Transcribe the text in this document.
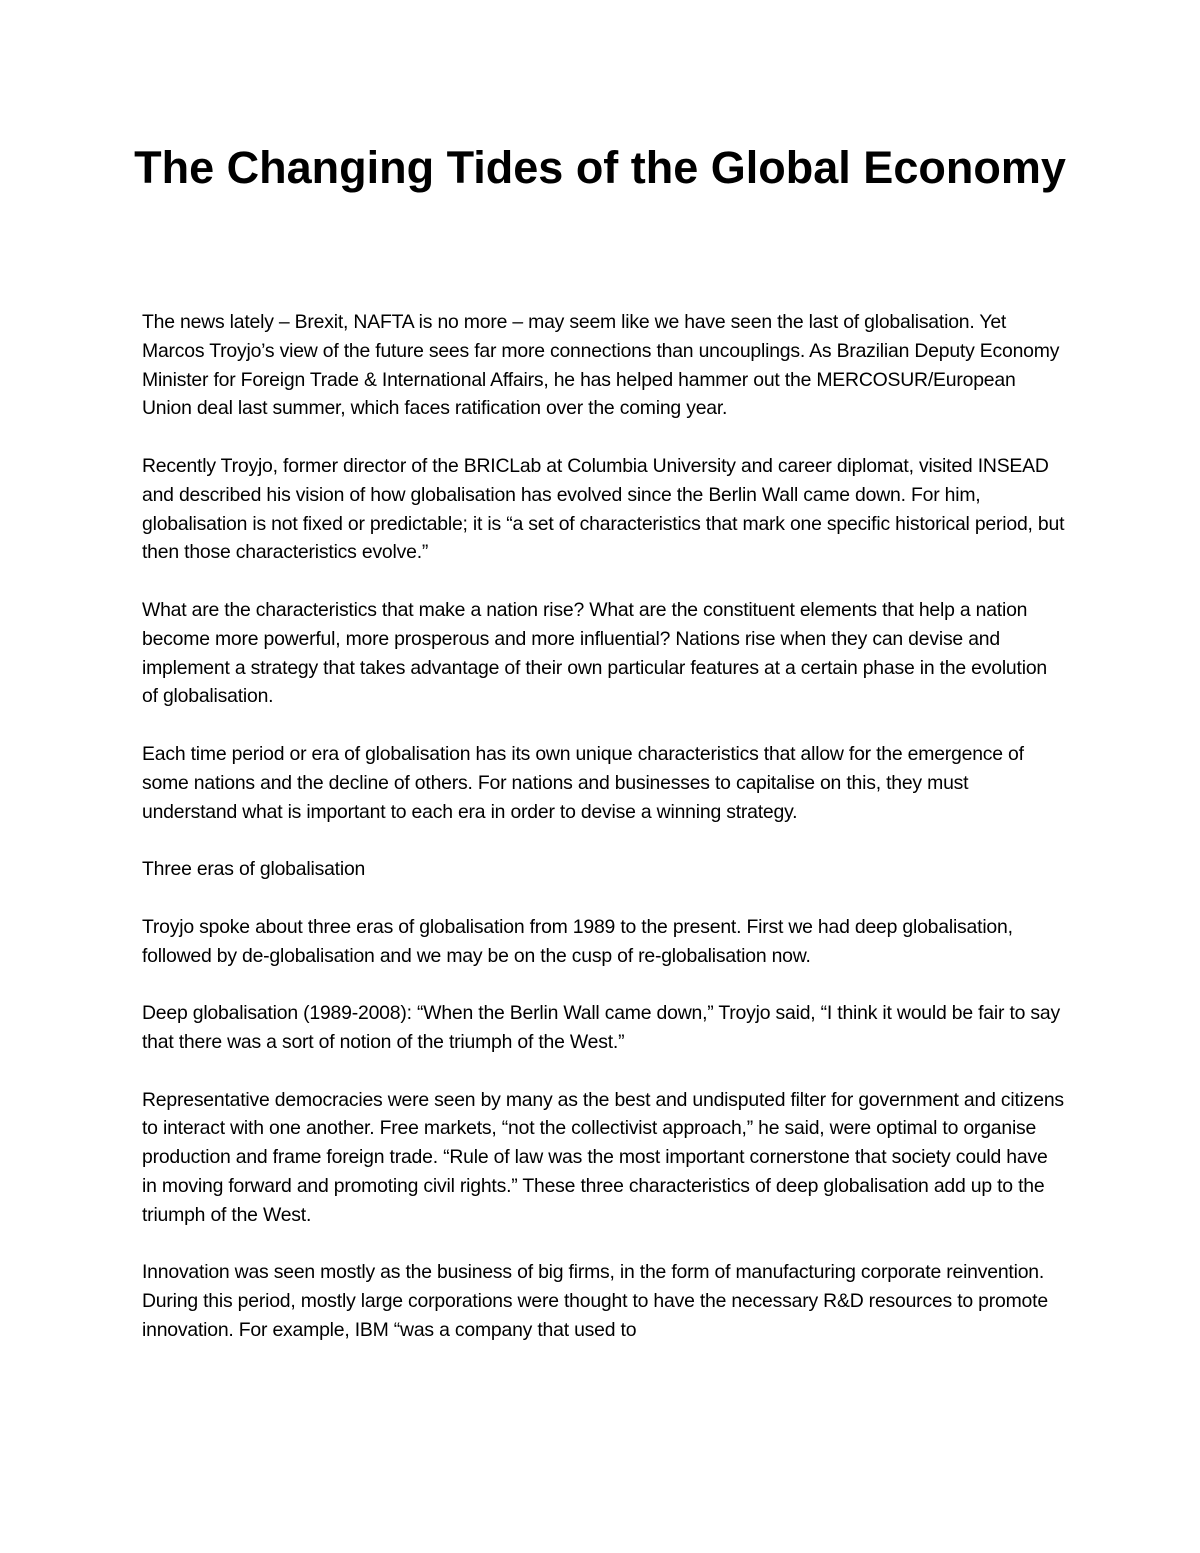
The Changing Tides of the Global Economy

The news lately – Brexit, NAFTA is no more – may seem like we have seen the last of globalisation. Yet Marcos Troyjo’s view of the future sees far more connections than uncouplings. As Brazilian Deputy Economy Minister for Foreign Trade & International Affairs, he has helped hammer out the MERCOSUR/European Union deal last summer, which faces ratification over the coming year.

Recently Troyjo, former director of the BRICLab at Columbia University and career diplomat, visited INSEAD and described his vision of how globalisation has evolved since the Berlin Wall came down. For him, globalisation is not fixed or predictable; it is “a set of characteristics that mark one specific historical period, but then those characteristics evolve.”

What are the characteristics that make a nation rise? What are the constituent elements that help a nation become more powerful, more prosperous and more influential? Nations rise when they can devise and implement a strategy that takes advantage of their own particular features at a certain phase in the evolution of globalisation.

Each time period or era of globalisation has its own unique characteristics that allow for the emergence of some nations and the decline of others. For nations and businesses to capitalise on this, they must understand what is important to each era in order to devise a winning strategy.

Three eras of globalisation

Troyjo spoke about three eras of globalisation from 1989 to the present. First we had deep globalisation, followed by de-globalisation and we may be on the cusp of re-globalisation now.

Deep globalisation (1989-2008): “When the Berlin Wall came down,” Troyjo said, “I think it would be fair to say that there was a sort of notion of the triumph of the West.”

Representative democracies were seen by many as the best and undisputed filter for government and citizens to interact with one another. Free markets, “not the collectivist approach,” he said, were optimal to organise production and frame foreign trade. “Rule of law was the most important cornerstone that society could have in moving forward and promoting civil rights.” These three characteristics of deep globalisation add up to the triumph of the West.

Innovation was seen mostly as the business of big firms, in the form of manufacturing corporate reinvention. During this period, mostly large corporations were thought to have the necessary R&D resources to promote innovation. For example, IBM “was a company that used to
